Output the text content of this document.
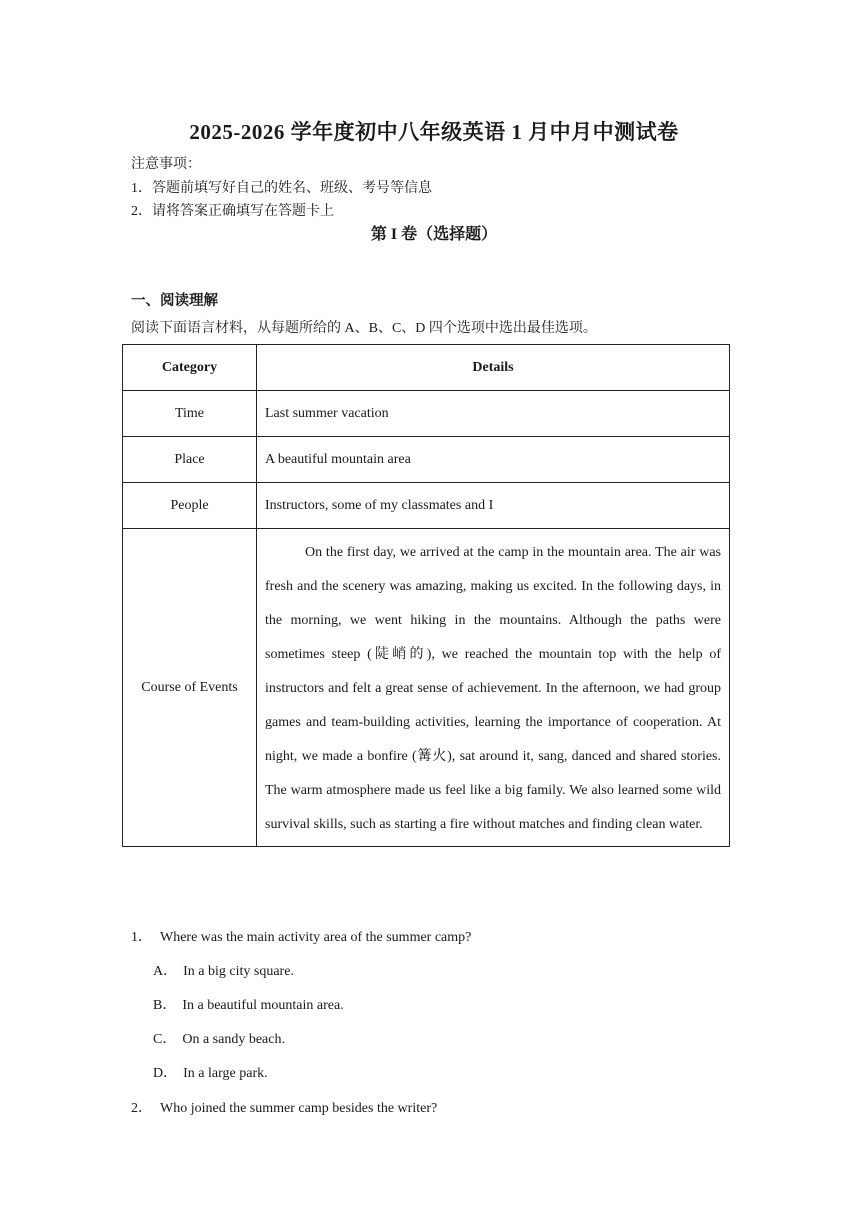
2025-2026 学年度初中八年级英语 1 月中月中测试卷
注意事项：
1．答题前填写好自己的姓名、班级、考号等信息
2．请将答案正确填写在答题卡上
第 I 卷（选择题）
一、阅读理解
阅读下面语言材料，从每题所给的 A、B、C、D 四个选项中选出最佳选项。
Category	Details
Time	Last summer vacation
Place	A beautiful mountain area
People	Instructors, some of my classmates and I
Course of Events	On the first day, we arrived at the camp in the mountain area. The air was fresh and the scenery was amazing, making us excited. In the following days, in the morning, we went hiking in the mountains. Although the paths were sometimes steep (陡峭的), we reached the mountain top with the help of instructors and felt a great sense of achievement. In the afternoon, we had group games and team-building activities, learning the importance of cooperation. At night, we made a bonfire (篝火), sat around it, sang, danced and shared stories. The warm atmosphere made us feel like a big family. We also learned some wild survival skills, such as starting a fire without matches and finding clean water.
1． Where was the main activity area of the summer camp?
A． In a big city square.
B． In a beautiful mountain area.
C． On a sandy beach.
D． In a large park.
2． Who joined the summer camp besides the writer?
